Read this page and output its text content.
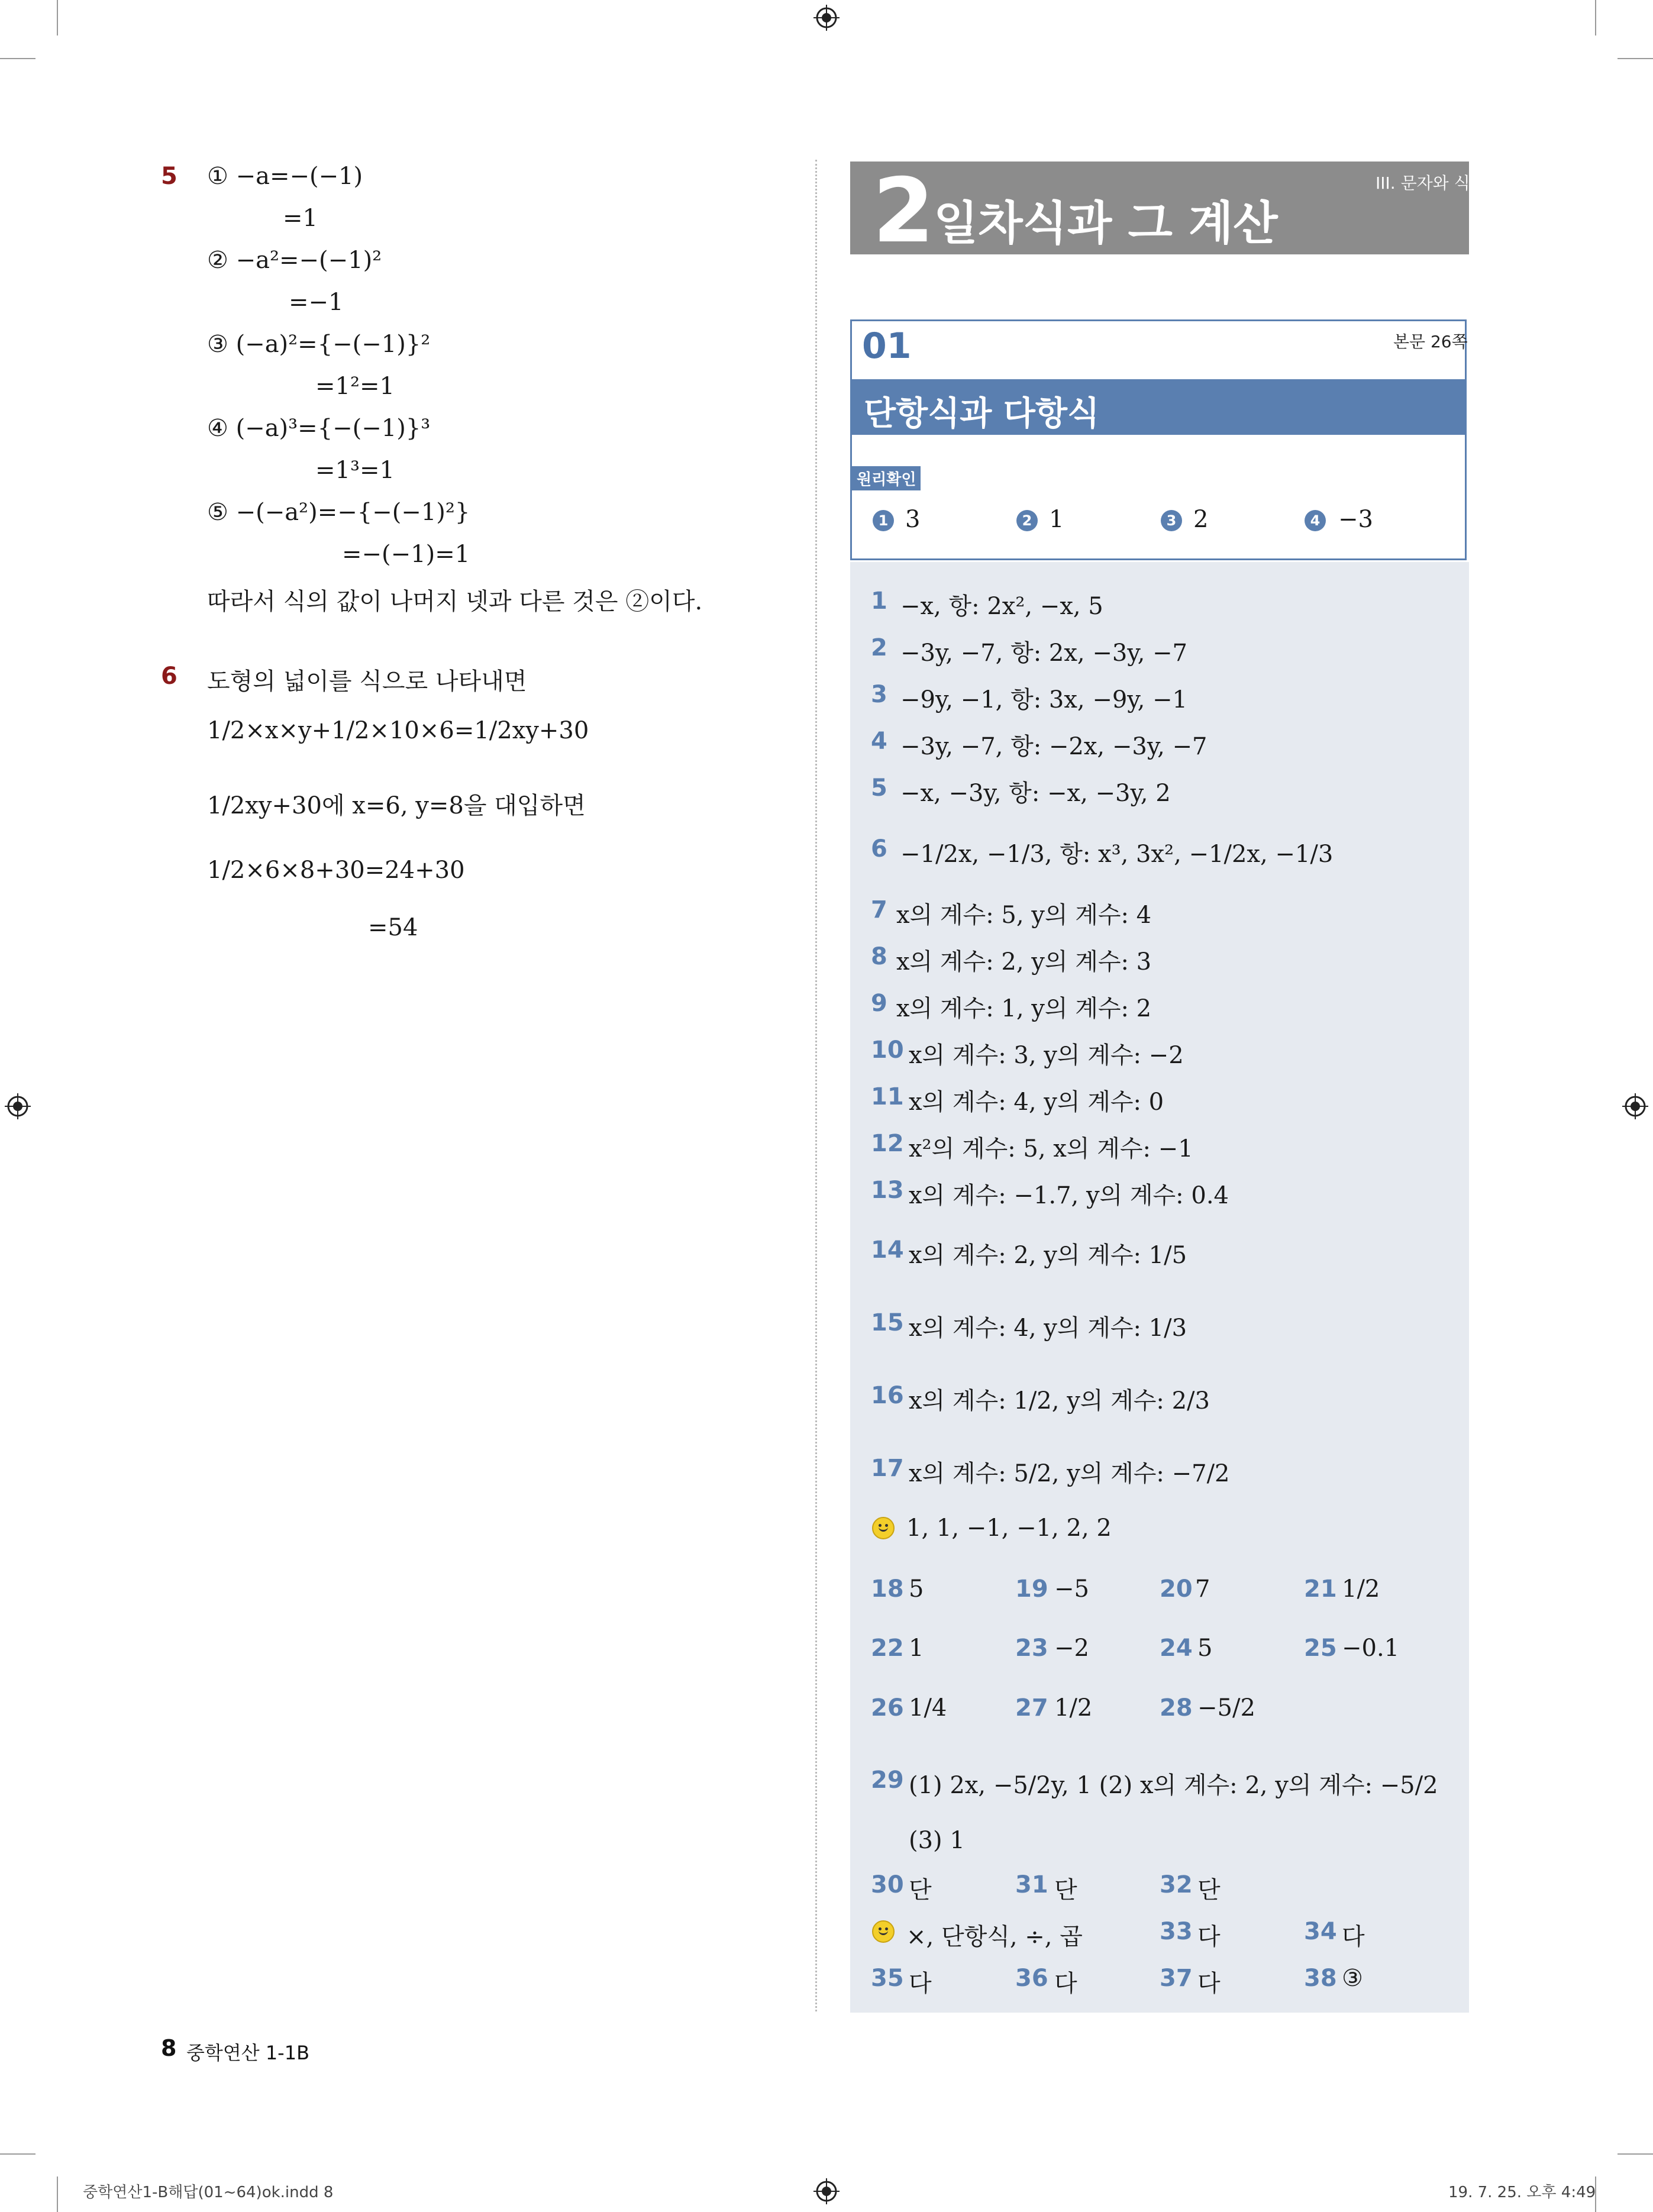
5 ① −a=−(−1)
=1
② −a²=−(−1)²
=−1
③ (−a)²={−(−1)}²
=1²=1
④ (−a)³={−(−1)}³
=1³=1
⑤ −(−a²)=−{−(−1)²}
=−(−1)=1
따라서 식의 값이 나머지 넷과 다른 것은 ②이다.
6 도형의 넓이를 식으로 나타내면
1/2×x×y+1/2×10×6=1/2xy+30
1/2xy+30에 x=6, y=8을 대입하면
1/2×6×8+30=24+30
=54
2 일차식과 그 계산
III. 문자와 식
01	본문 26쪽
단항식과 다항식
원리확인
1 3	2 1	3 2	4 −3
1 −x, 항: 2x², −x, 5
2 −3y, −7, 항: 2x, −3y, −7
3 −9y, −1, 항: 3x, −9y, −1
4 −3y, −7, 항: −2x, −3y, −7
5 −x, −3y, 항: −x, −3y, 2
6 −1/2x, −1/3, 항: x³, 3x², −1/2x, −1/3
7 x의 계수: 5, y의 계수: 4
8 x의 계수: 2, y의 계수: 3
9 x의 계수: 1, y의 계수: 2
10 x의 계수: 3, y의 계수: −2
11 x의 계수: 4, y의 계수: 0
12 x²의 계수: 5, x의 계수: −1
13 x의 계수: −1.7, y의 계수: 0.4
14 x의 계수: 2, y의 계수: 1/5
15 x의 계수: 4, y의 계수: 1/3
16 x의 계수: 1/2, y의 계수: 2/3
17 x의 계수: 5/2, y의 계수: −7/2
1, 1, −1, −1, 2, 2
18 5	19 −5	20 7	21 1/2
22 1	23 −2	24 5	25 −0.1
26 1/4	27 1/2	28 −5/2
29 (1) 2x, −5/2y, 1 (2) x의 계수: 2, y의 계수: −5/2
(3) 1
30 단	31 단	32 단
×, 단항식, ÷, 곱	33 다	34 다
35 다	36 다	37 다	38 ③
8 중학연산 1-1B
중학연산1-B해답(01~64)ok.indd 8	19. 7. 25. 오후 4:49
